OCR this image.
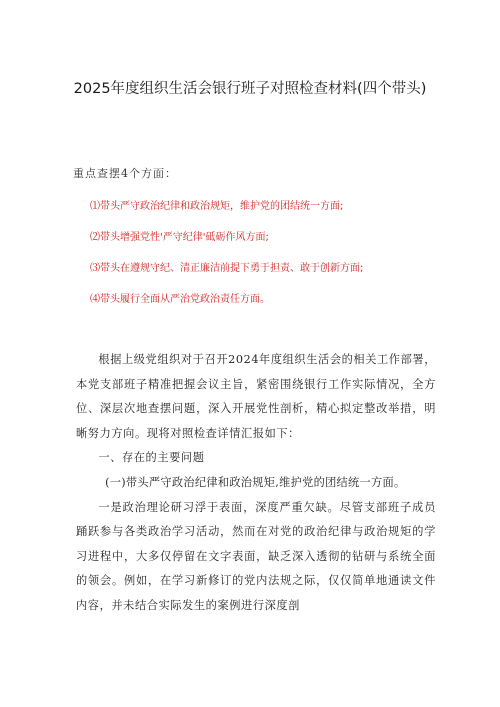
2025年度组织生活会银行班子对照检查材料(四个带头)
重点查摆4个方面：
⑴带头严守政治纪律和政治规矩，维护党的团结统一方面;
⑵带头增强党性'严守纪律'砥砺作风方面;
⑶带头在遵规守纪、清正廉洁前提下勇于担责、敢于创新方面;
⑷带头履行全面从严治党政治责任方面。

根据上级党组织对于召开2024年度组织生活会的相关工作部署，本党支部班子精准把握会议主旨，紧密围绕银行工作实际情况，全方位、深层次地查摆问题，深入开展党性剖析，精心拟定整改举措，明晰努力方向。现将对照检查详情汇报如下：

一、存在的主要问题

(一)带头严守政治纪律和政治规矩,维护党的团结统一方面。

一是政治理论研习浮于表面，深度严重欠缺。尽管支部班子成员踊跃参与各类政治学习活动，然而在对党的政治纪律与政治规矩的学习进程中，大多仅停留在文字表面，缺乏深入透彻的钻研与系统全面的领会。例如，在学习新修订的党内法规之际，仅仅简单地通读文件内容，并未结合实际发生的案例进行深度剖
